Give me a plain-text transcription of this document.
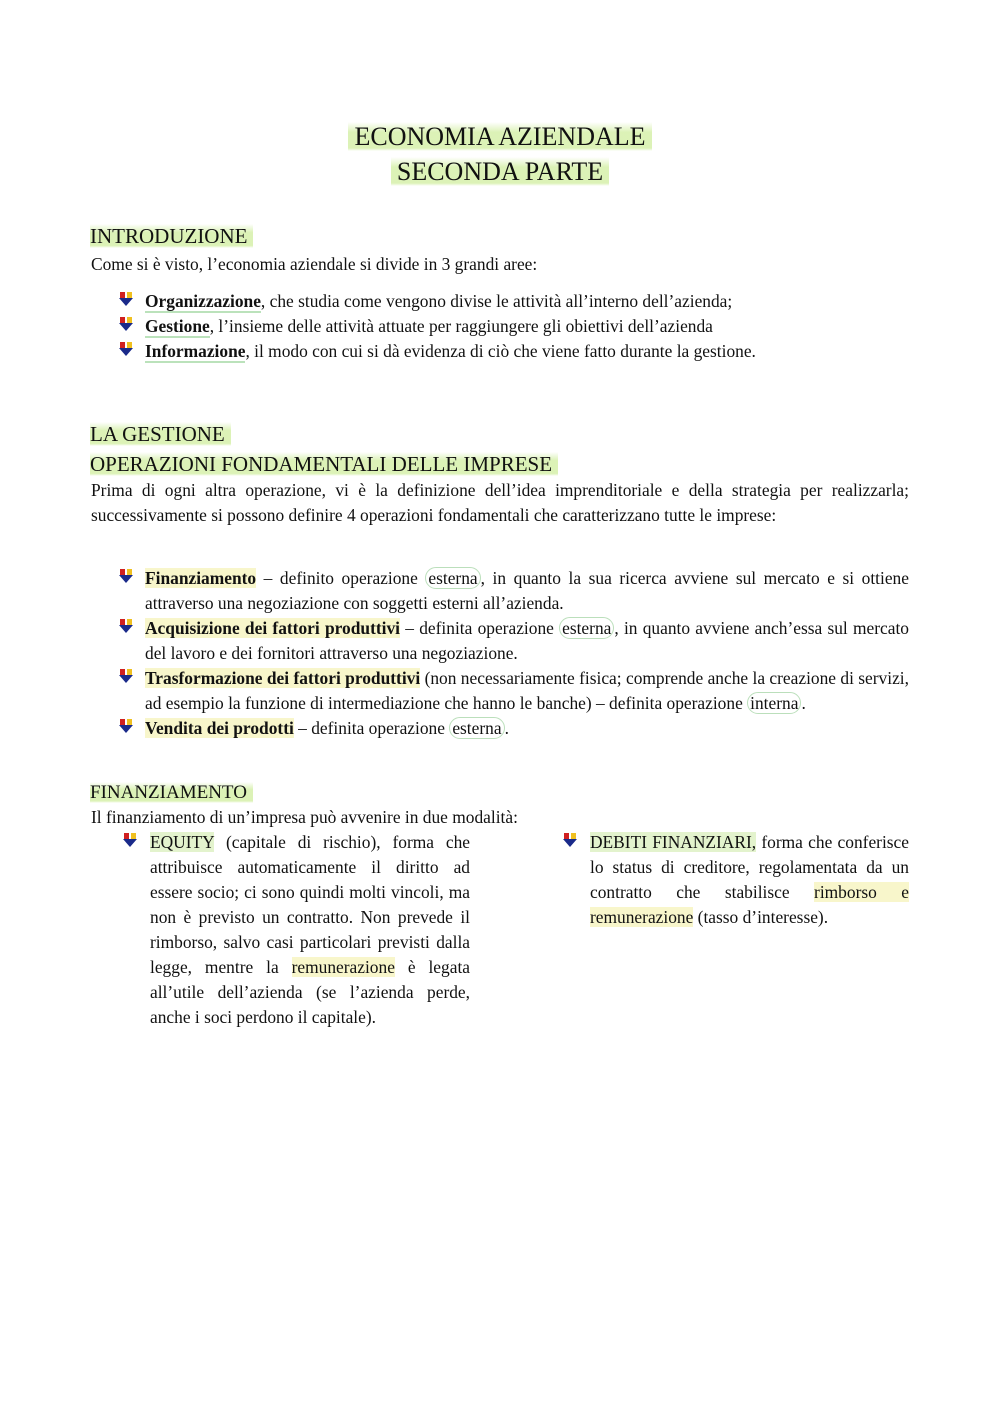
ECONOMIA AZIENDALE
SECONDA PARTE
INTRODUZIONE
Come si è visto, l’economia aziendale si divide in 3 grandi aree:
Organizzazione, che studia come vengono divise le attività all’interno dell’azienda;
Gestione, l’insieme delle attività attuate per raggiungere gli obiettivi dell’azienda
Informazione, il modo con cui si dà evidenza di ciò che viene fatto durante la gestione.
LA GESTIONE
OPERAZIONI FONDAMENTALI DELLE IMPRESE
Prima di ogni altra operazione, vi è la definizione dell’idea imprenditoriale e della strategia per realizzarla; successivamente si possono definire 4 operazioni fondamentali che caratterizzano tutte le imprese:
Finanziamento – definito operazione esterna , in quanto la sua ricerca avviene sul mercato e si ottiene attraverso una negoziazione con soggetti esterni all’azienda.
Acquisizione dei fattori produttivi – definita operazione esterna , in quanto avviene anch’essa sul mercato del lavoro e dei fornitori attraverso una negoziazione.
Trasformazione dei fattori produttivi (non necessariamente fisica; comprende anche la creazione di servizi, ad esempio la funzione di intermediazione che hanno le banche) – definita operazione interna .
Vendita dei prodotti – definita operazione esterna .
FINANZIAMENTO
Il finanziamento di un’impresa può avvenire in due modalità:
EQUITY (capitale di rischio), forma che attribuisce automaticamente il diritto ad essere socio; ci sono quindi molti vincoli, ma non è previsto un contratto. Non prevede il rimborso, salvo casi particolari previsti dalla legge, mentre la remunerazione è legata all’utile dell’azienda (se l’azienda perde, anche i soci perdono il capitale).
DEBITI FINANZIARI, forma che conferisce lo status di creditore, regolamentata da un contratto che stabilisce rimborso e remunerazione (tasso d’interesse).
